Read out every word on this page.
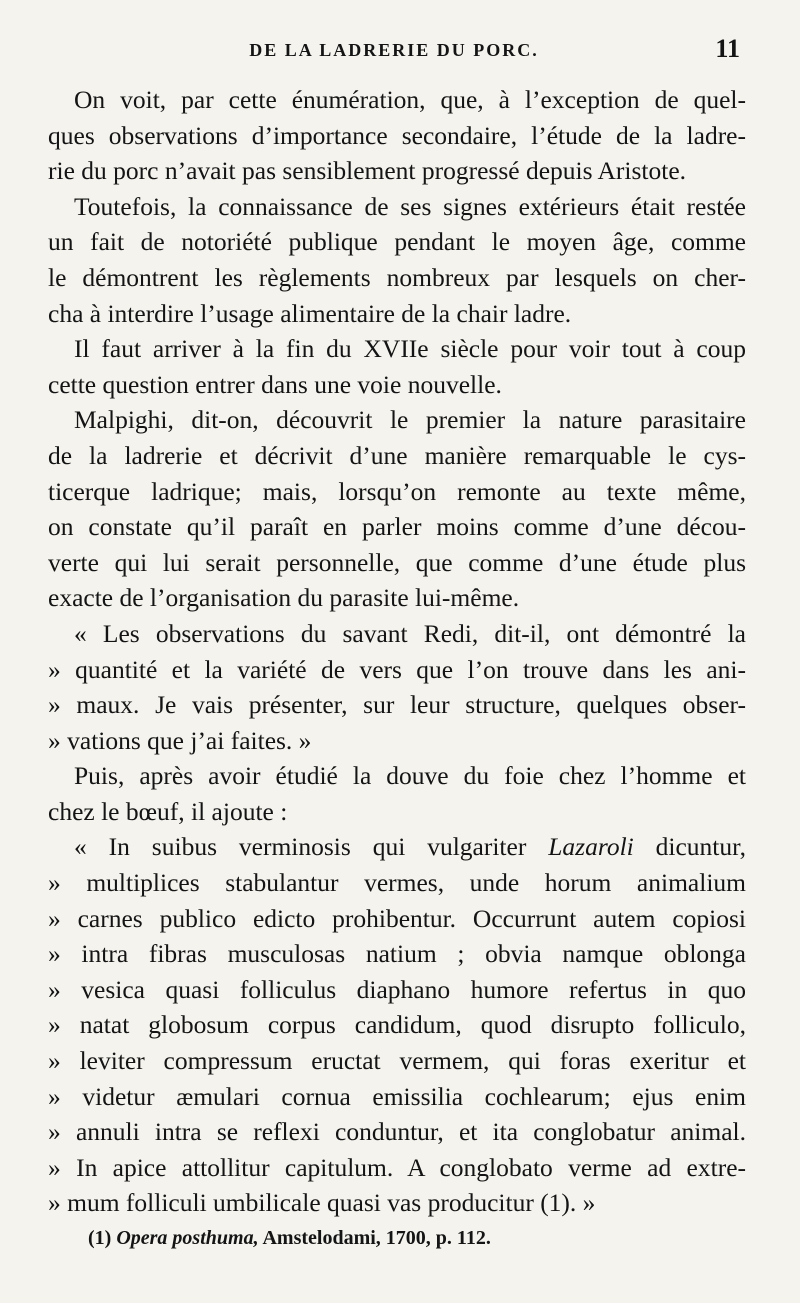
DE LA LADRERIE DU PORC.	11
On voit, par cette énumération, que, à l’exception de quel-
ques observations d’importance secondaire, l’étude de la ladre-
rie du porc n’avait pas sensiblement progressé depuis Aristote.
Toutefois, la connaissance de ses signes extérieurs était restée
un fait de notoriété publique pendant le moyen âge, comme
le démontrent les règlements nombreux par lesquels on cher-
cha à interdire l’usage alimentaire de la chair ladre.
Il faut arriver à la fin du XVIIe siècle pour voir tout à coup
cette question entrer dans une voie nouvelle.
Malpighi, dit-on, découvrit le premier la nature parasitaire
de la ladrerie et décrivit d’une manière remarquable le cys-
ticerque ladrique; mais, lorsqu’on remonte au texte même,
on constate qu’il paraît en parler moins comme d’une décou-
verte qui lui serait personnelle, que comme d’une étude plus
exacte de l’organisation du parasite lui-même.
« Les observations du savant Redi, dit-il, ont démontré la
» quantité et la variété de vers que l’on trouve dans les ani-
» maux. Je vais présenter, sur leur structure, quelques obser-
» vations que j’ai faites. »
Puis, après avoir étudié la douve du foie chez l’homme et
chez le bœuf, il ajoute :
« In suibus verminosis qui vulgariter Lazaroli dicuntur,
» multiplices stabulantur vermes, unde horum animalium
» carnes publico edicto prohibentur. Occurrunt autem copiosi
» intra fibras musculosas natium ; obvia namque oblonga
» vesica quasi folliculus diaphano humore refertus in quo
» natat globosum corpus candidum, quod disrupto folliculo,
» leviter compressum eructat vermem, qui foras exeritur et
» videtur æmulari cornua emissilia cochlearum; ejus enim
» annuli intra se reflexi conduntur, et ita conglobatur animal.
» In apice attollitur capitulum. A conglobato verme ad extre-
» mum folliculi umbilicale quasi vas producitur (1). »
(1) Opera posthuma, Amstelodami, 1700, p. 112.
